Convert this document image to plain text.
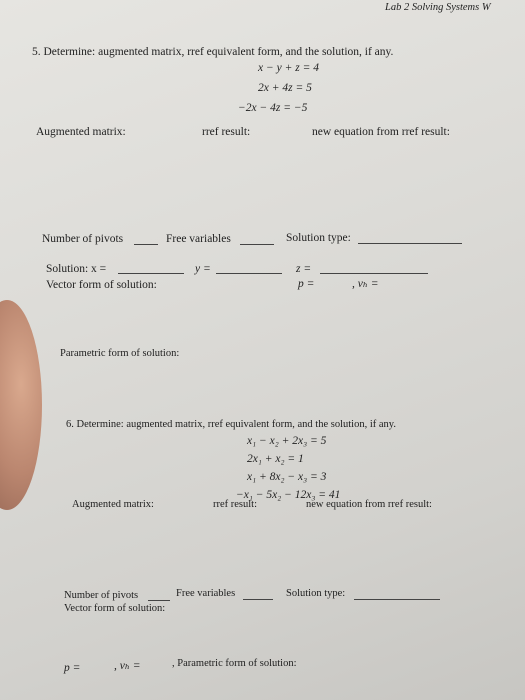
Lab 2 Solving Systems W
5. Determine: augmented matrix, rref equivalent form, and the solution, if any.
x − y + z = 4
2x + 4z = 5
−2x − 4z = −5
Augmented matrix:	rref result:	new equation from rref result:
Number of pivots	Free variables	Solution type:
Solution: x =	y =	z =
Vector form of solution:	p =	, vₕ =
Parametric form of solution:
6. Determine: augmented matrix, rref equivalent form, and the solution, if any.
x₁ − x₂ + 2x₃ = 5
2x₁ + x₂ = 1
x₁ + 8x₂ − x₃ = 3
−x₁ − 5x₂ − 12x₃ = 41
Augmented matrix:	rref result:	new equation from rref result:
Number of pivots	Free variables	Solution type:
Vector form of solution:
p =	, vₕ =	, Parametric form of solution:
